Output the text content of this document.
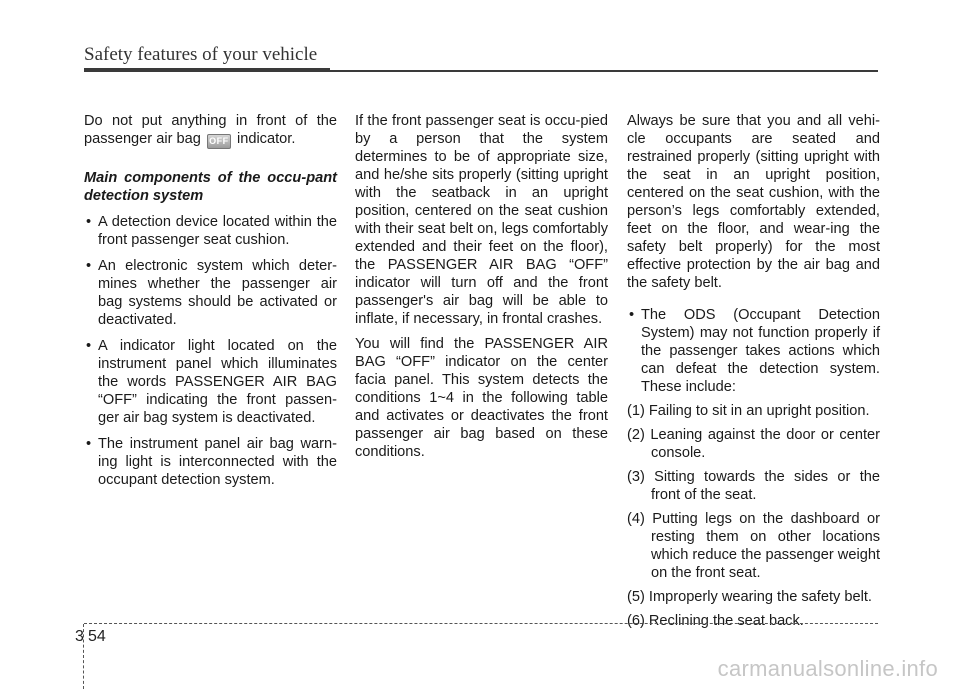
Safety features of your vehicle

Do not put anything in front of the passenger air bag OFF indicator.

Main components of the occu-pant detection system

• A detection device located within the front passenger seat cushion.
• An electronic system which deter-mines whether the passenger air bag systems should be activated or deactivated.
• A indicator light located on the instrument panel which illuminates the words PASSENGER AIR BAG “OFF” indicating the front passen-ger air bag system is deactivated.
• The instrument panel air bag warn-ing light is interconnected with the occupant detection system.

If the front passenger seat is occu-pied by a person that the system determines to be of appropriate size, and he/she sits properly (sitting upright with the seatback in an upright position, centered on the seat cushion with their seat belt on, legs comfortably extended and their feet on the floor), the PASSENGER AIR BAG “OFF” indicator will turn off and the front passenger's air bag will be able to inflate, if necessary, in frontal crashes.

You will find the PASSENGER AIR BAG “OFF” indicator on the center facia panel. This system detects the conditions 1~4 in the following table and activates or deactivates the front passenger air bag based on these conditions.

Always be sure that you and all vehi-cle occupants are seated and restrained properly (sitting upright with the seat in an upright position, centered on the seat cushion, with the person’s legs comfortably extended, feet on the floor, and wear-ing the safety belt properly) for the most effective protection by the air bag and the safety belt.

• The ODS (Occupant Detection System) may not function properly if the passenger takes actions which can defeat the detection system. These include:
(1) Failing to sit in an upright position.
(2) Leaning against the door or center console.
(3) Sitting towards the sides or the front of the seat.
(4) Putting legs on the dashboard or resting them on other locations which reduce the passenger weight on the front seat.
(5) Improperly wearing the safety belt.
(6) Reclining the seat back.
3 54
carmanualsonline.info
